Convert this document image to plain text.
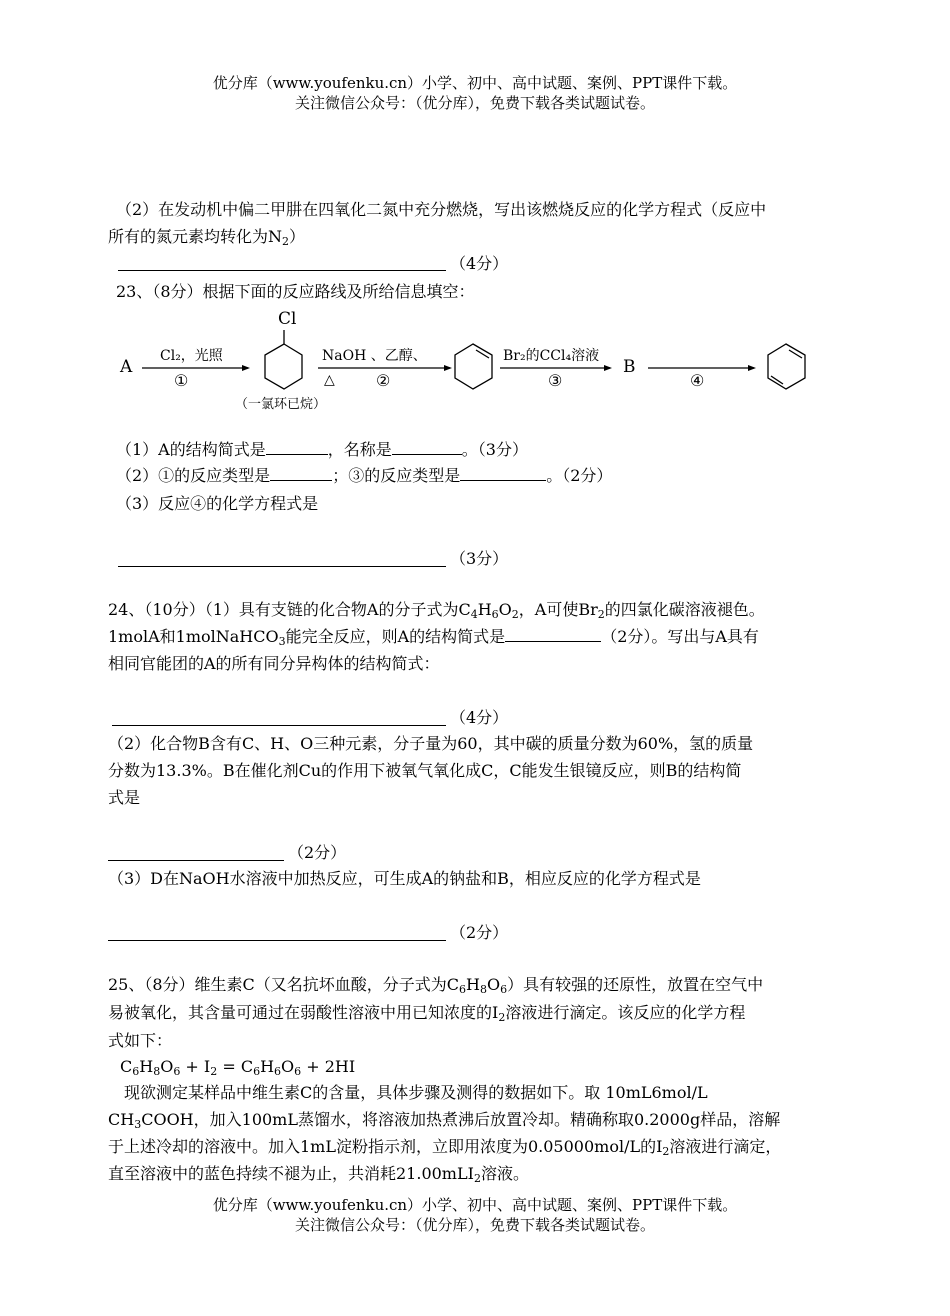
优分库（www.youfenku.cn）小学、初中、高中试题、案例、PPT课件下载。
关注微信公众号：（优分库），免费下载各类试题试卷。
（2）在发动机中偏二甲肼在四氧化二氮中充分燃烧，写出该燃烧反应的化学方程式（反应中
所有的氮元素均转化为$N_2$）
（4分）
23、（8分）根据下面的反应路线及所给信息填空：
A
Cl₂，光照
①
Cl
（一氯环已烷）
NaOH 、乙醇、
△	②
Br₂的CCl₄溶液
③
B
④
（1）A的结构简式是	，名称是	。（3分）
（2）①的反应类型是	；③的反应类型是	。（2分）
（3）反应④的化学方程式是
（3分）
24、（10分）（1）具有支链的化合物A的分子式为$C_4H_6O_2$，A可使$Br_2$的四氯化碳溶液褪色。
1molA和1molNaHCO$_3$能完全反应，则A的结构简式是	（2分）。写出与A具有
相同官能团的A的所有同分异构体的结构简式：
（4分）
（2）化合物B含有C、H、O三种元素，分子量为60，其中碳的质量分数为60%，氢的质量
分数为13.3%。B在催化剂Cu的作用下被氧气氧化成C，C能发生银镜反应，则B的结构简
式是
（2分）
（3）D在NaOH水溶液中加热反应，可生成A的钠盐和B，相应反应的化学方程式是
（2分）
25、（8分）维生素C（又名抗坏血酸，分子式为$C_6H_8O_6$）具有较强的还原性，放置在空气中
易被氧化，其含量可通过在弱酸性溶液中用已知浓度的$I_2$溶液进行滴定。该反应的化学方程
式如下：
$C_6H_8O_6 + I_2 = C_6H_6O_6 + 2HI$
现欲测定某样品中维生素C的含量，具体步骤及测得的数据如下。取 10mL6mol/L
$CH_3COOH$，加入100mL蒸馏水，将溶液加热煮沸后放置冷却。精确称取0.2000g样品，溶解
于上述冷却的溶液中。加入1mL淀粉指示剂，立即用浓度为0.05000mol/L的$I_2$溶液进行滴定，
直至溶液中的蓝色持续不褪为止，共消耗21.00mLI$_2$溶液。
优分库（www.youfenku.cn）小学、初中、高中试题、案例、PPT课件下载。
关注微信公众号：（优分库），免费下载各类试题试卷。
